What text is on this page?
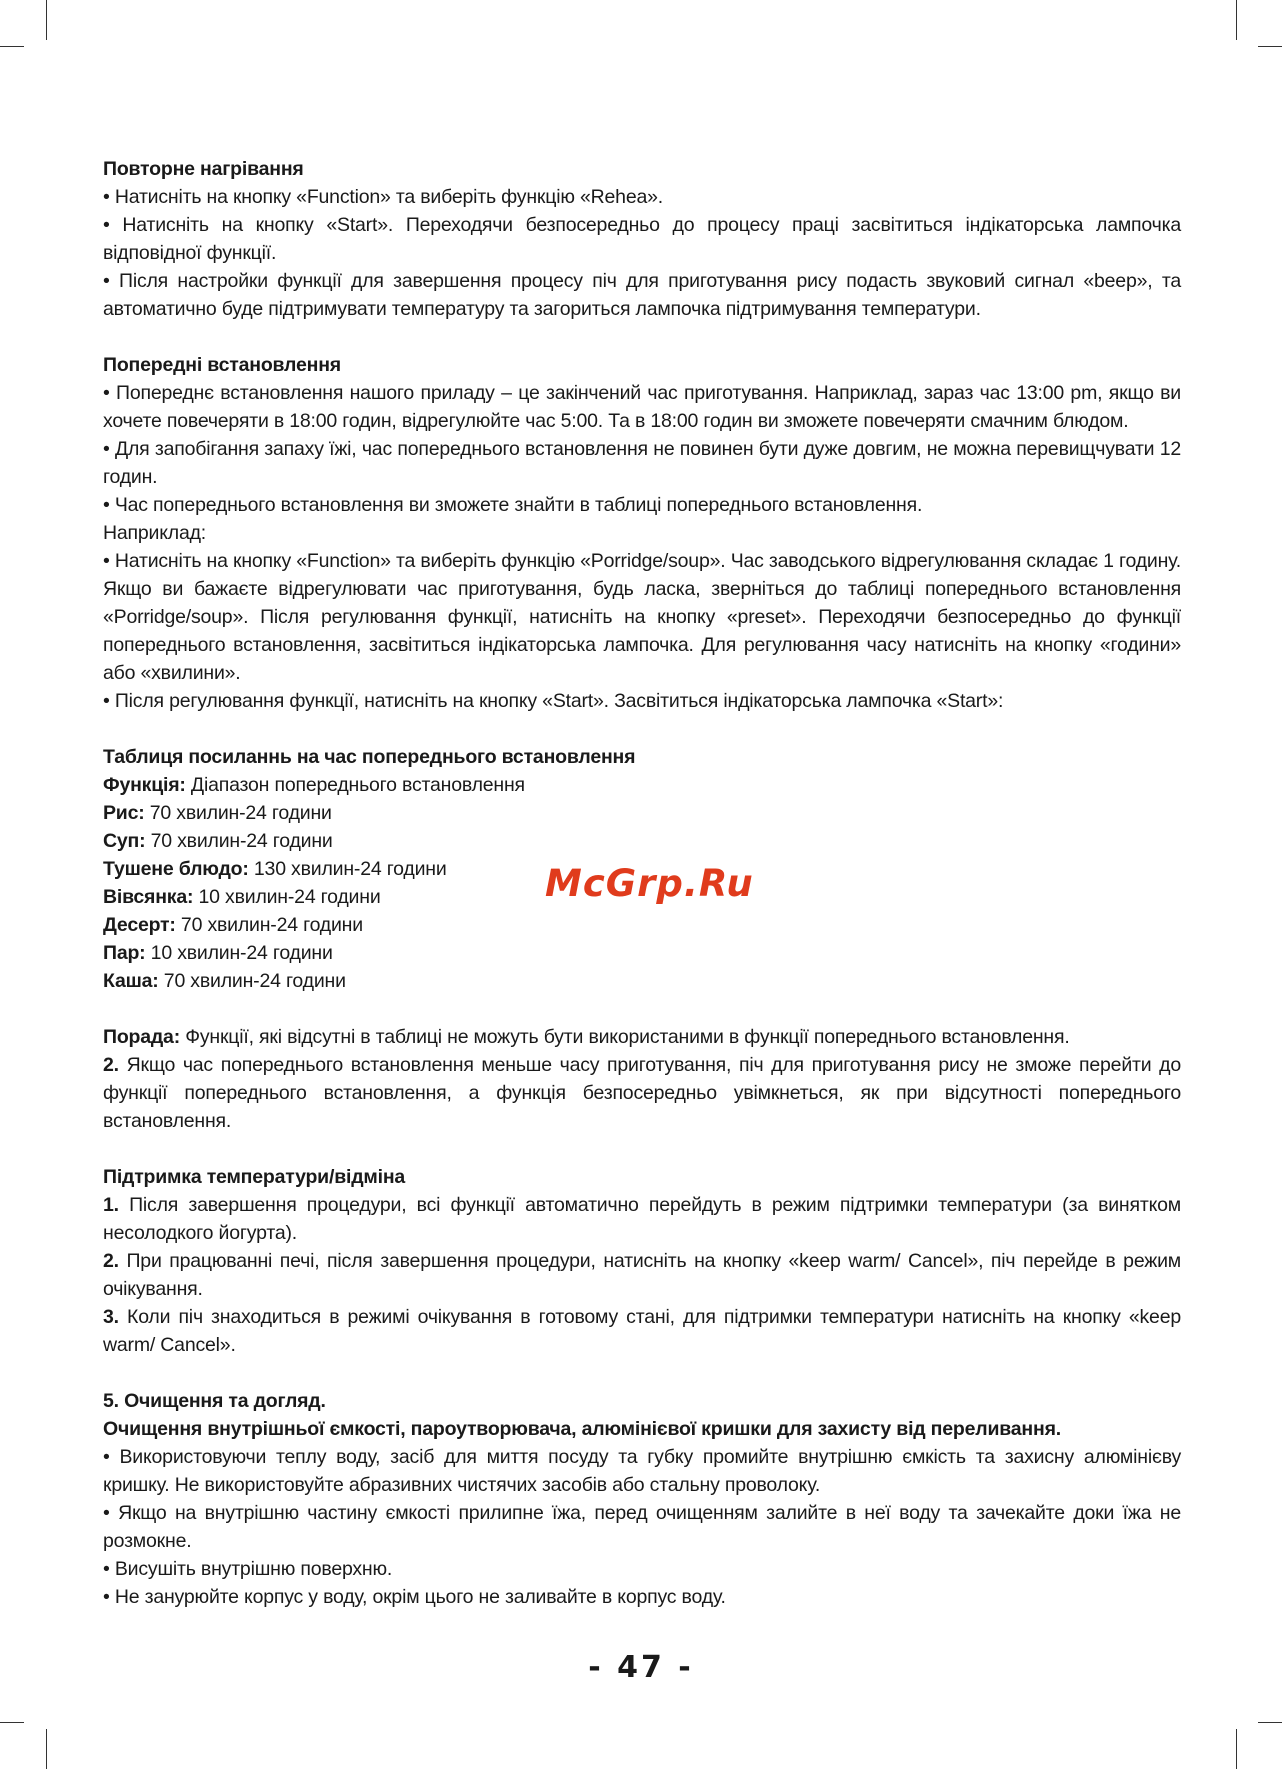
Повторне нагрівання

• Натисніть на кнопку «Function» та виберіть функцію «Rehea».

• Натисніть на кнопку «Start». Переходячи безпосередньо до процесу праці засвітиться індікаторська лампочка відповідної функції.

• Після настройки функції для завершення процесу піч для приготування рису подасть звуковий сигнал «beep», та автоматично буде підтримувати температуру та загориться лампочка підтримування температури.

Попередні встановлення

• Попереднє встановлення нашого приладу – це закінчений час приготування. Наприклад, зараз час 13:00 pm, якщо ви хочете повечеряти в 18:00 годин, відрегулюйте час 5:00. Та в 18:00 годин ви зможете повечеряти смачним блюдом.

• Для запобігання запаху їжі, час попереднього встановлення не повинен бути дуже довгим, не можна перевищчувати 12 годин.

• Час попереднього встановлення ви зможете знайти в таблиці попереднього встановлення.

Наприклад:

• Натисніть на кнопку «Function» та виберіть функцію «Porridge/soup». Час заводського відрегулювання складає 1 годину. Якщо ви бажаєте відрегулювати час приготування, будь ласка, зверніться до таблиці попереднього встановлення «Porridge/soup». Після регулювання функції, натисніть на кнопку «preset». Переходячи безпосередньо до функції попереднього встановлення, засвітиться індікаторська лампочка. Для регулювання часу натисніть на кнопку «години» або «хвилини».

• Після регулювання функції, натисніть на кнопку «Start». Засвітиться індікаторська лампочка «Start»:

Таблиця посиланнь на час попереднього встановлення

Функція: Діапазон попереднього встановлення

Рис: 70 хвилин-24 години

Суп: 70 хвилин-24 години

Тушене блюдо: 130 хвилин-24 години

Вівсянка: 10 хвилин-24 години

Десерт: 70 хвилин-24 години

Пар: 10 хвилин-24 години

Каша: 70 хвилин-24 години

Порада: Функції, які відсутні в таблиці не можуть бути використаними в функції попереднього встановлення.

2. Якщо час попереднього встановлення меньше часу приготування, піч для приготування рису не зможе перейти до функції попереднього встановлення, а функція безпосередньо увімкнеться, як при відсутності попереднього встановлення.

Підтримка температури/відміна

1. Після завершення процедури, всі функції автоматично перейдуть в режим підтримки температури (за винятком несолодкого йогурта).

2. При працюванні печі, після завершення процедури, натисніть на кнопку «keep warm/ Cancel», піч перейде в режим очікування.

3. Коли піч знаходиться в режимі очікування в готовому стані, для підтримки температури натисніть на кнопку «keep warm/ Cancel».

5. Очищення та догляд.

Очищення внутрішньої ємкості, пароутворювача, алюмінієвої кришки для захисту від переливання.

• Використовуючи теплу воду, засіб для миття посуду та губку промийте внутрішню ємкість та захисну алюмінієву кришку. Не використовуйте абразивних чистячих засобів або стальну проволоку.

• Якщо на внутрішню частину ємкості прилипне їжа, перед очищенням залийте в неї воду та зачекайте доки їжа не розмокне.

• Висушіть внутрішню поверхню.

• Не занурюйте корпус у воду, окрім цього не заливайте в корпус воду.

McGrp.Ru
- 47 -
